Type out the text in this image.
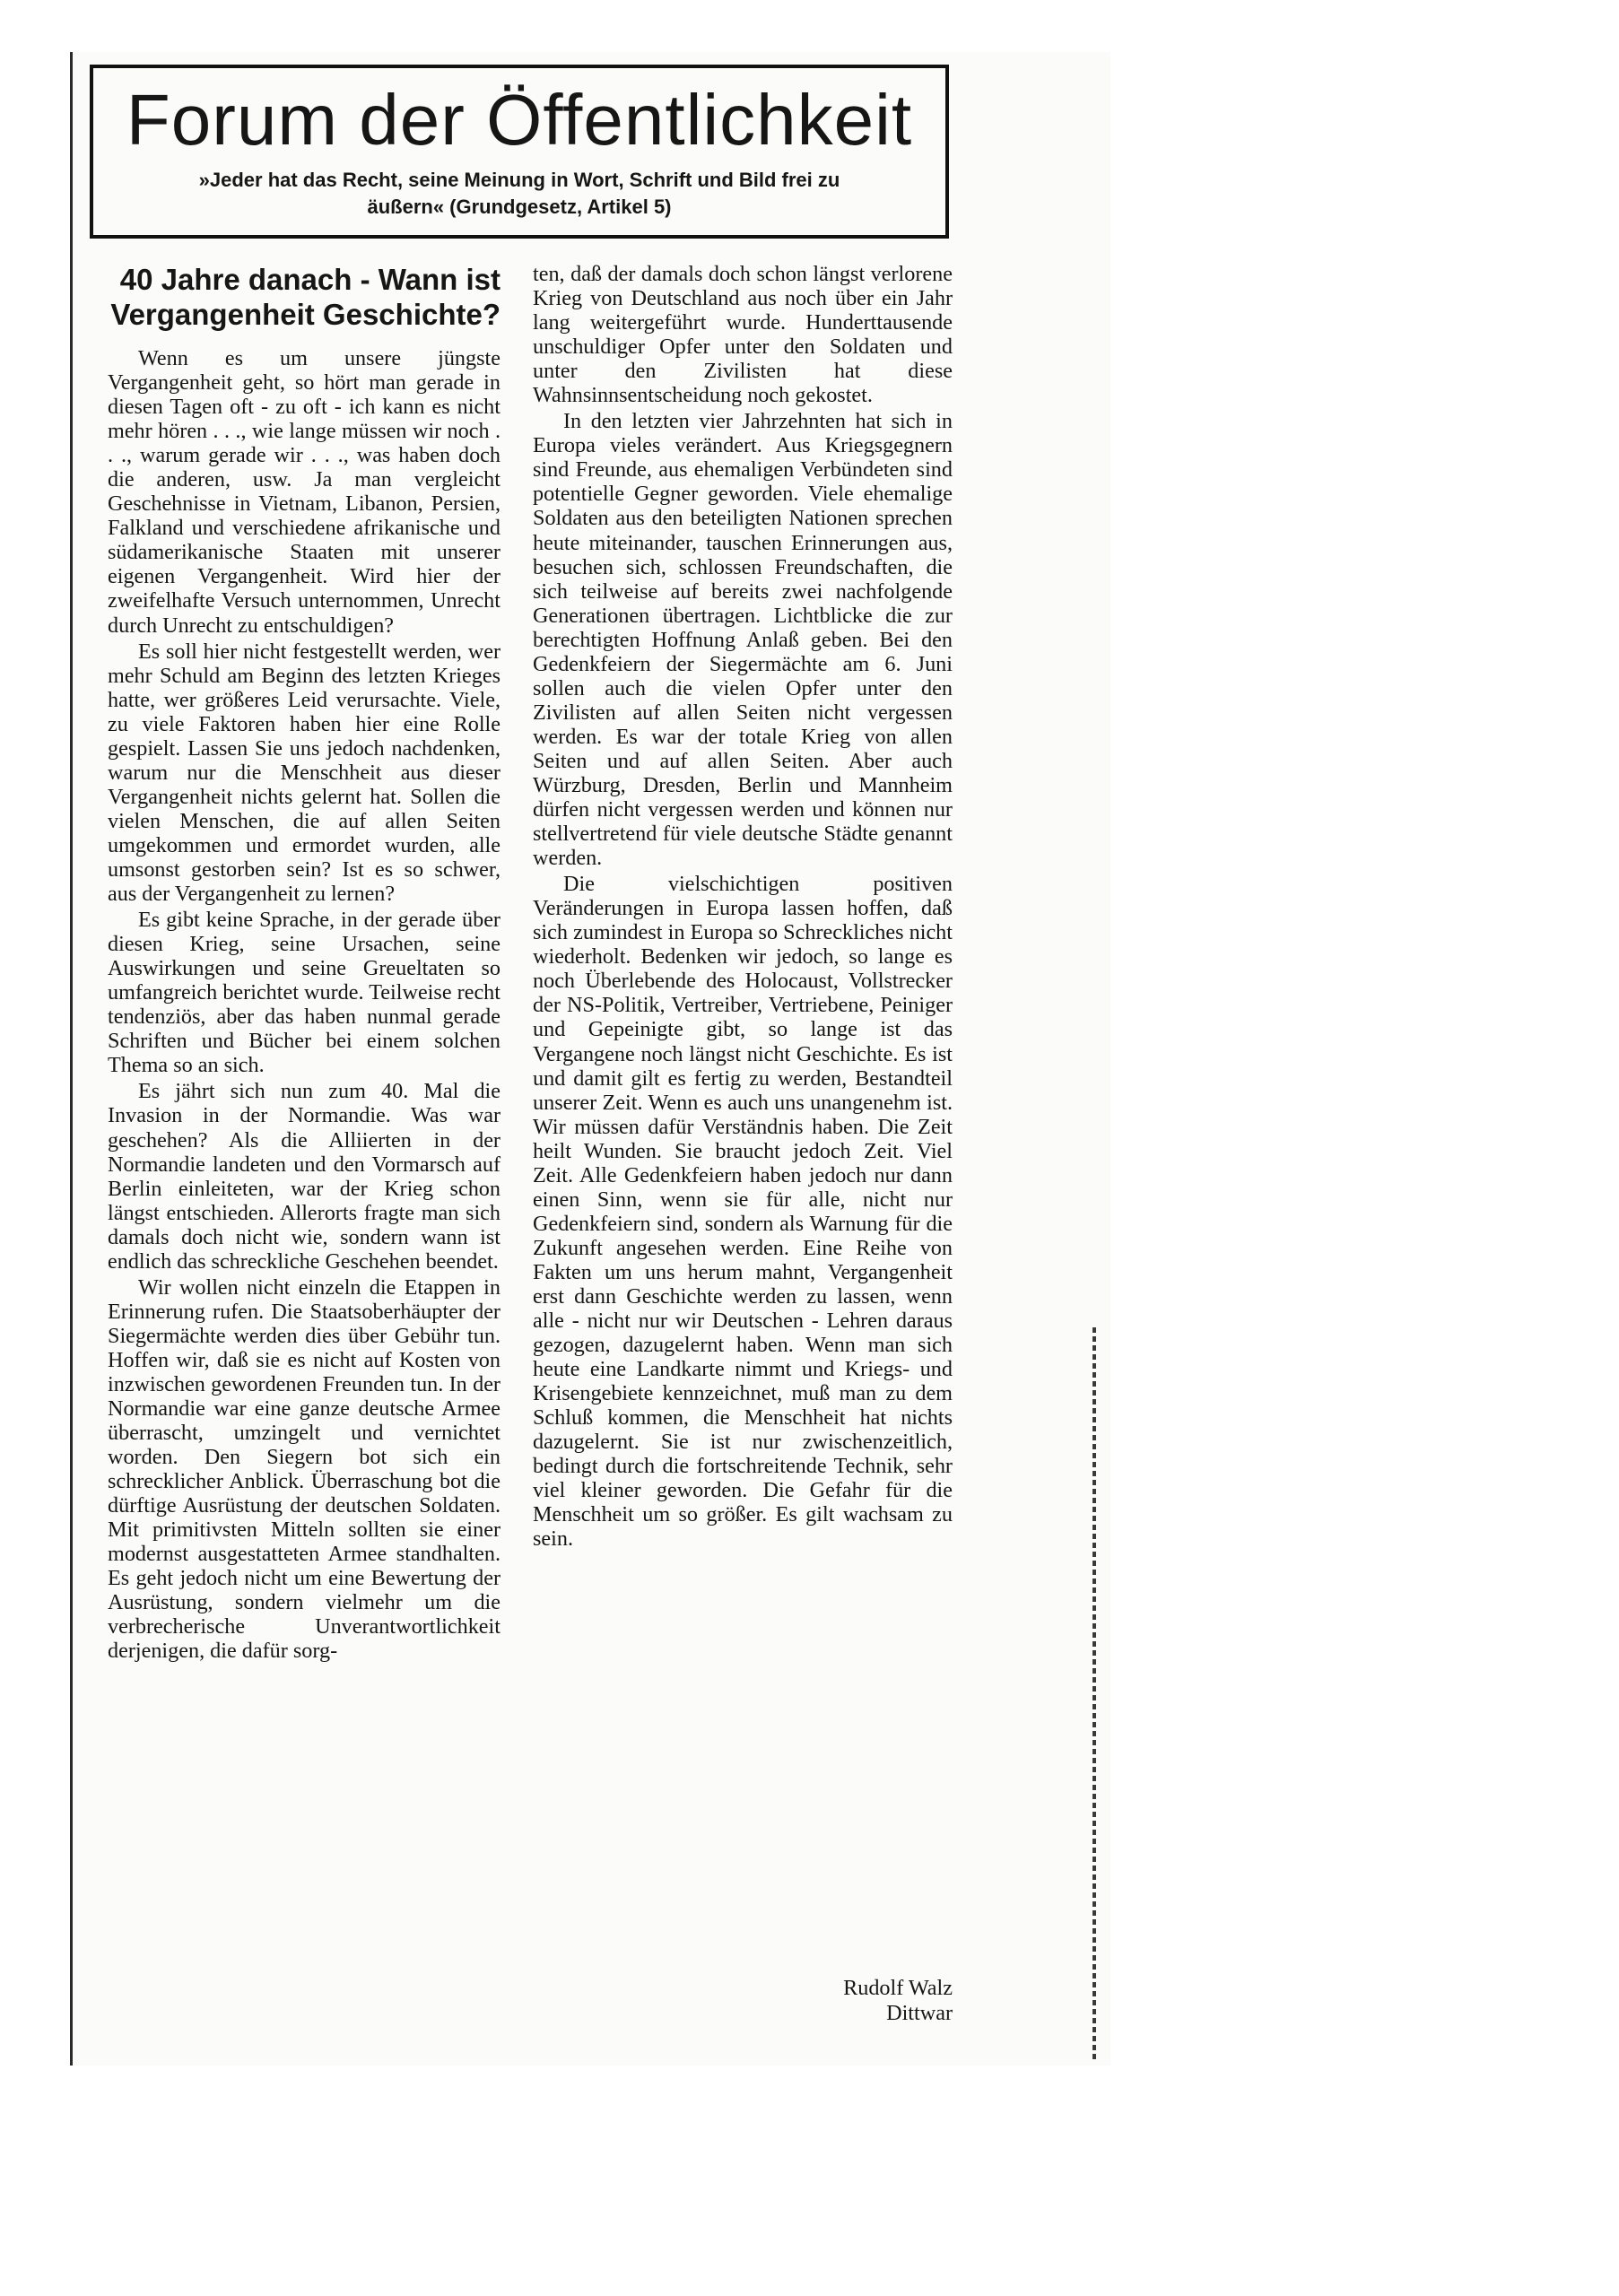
Forum der Öffentlichkeit
»Jeder hat das Recht, seine Meinung in Wort, Schrift und Bild frei zu äußern« (Grundgesetz, Artikel 5)
40 Jahre danach - Wann ist Vergangenheit Geschichte?

Wenn es um unsere jüngste Vergangenheit geht, so hört man gerade in diesen Tagen oft - zu oft - ich kann es nicht mehr hören . . ., wie lange müssen wir noch . . ., warum gerade wir . . ., was haben doch die anderen, usw. Ja man vergleicht Geschehnisse in Vietnam, Libanon, Persien, Falkland und verschiedene afrikanische und südamerikanische Staaten mit unserer eigenen Vergangenheit. Wird hier der zweifelhafte Versuch unternommen, Unrecht durch Unrecht zu entschuldigen?

Es soll hier nicht festgestellt werden, wer mehr Schuld am Beginn des letzten Krieges hatte, wer größeres Leid verursachte. Viele, zu viele Faktoren haben hier eine Rolle gespielt. Lassen Sie uns jedoch nachdenken, warum nur die Menschheit aus dieser Vergangenheit nichts gelernt hat. Sollen die vielen Menschen, die auf allen Seiten umgekommen und ermordet wurden, alle umsonst gestorben sein? Ist es so schwer, aus der Vergangenheit zu lernen?

Es gibt keine Sprache, in der gerade über diesen Krieg, seine Ursachen, seine Auswirkungen und seine Greueltaten so umfangreich berichtet wurde. Teilweise recht tendenziös, aber das haben nunmal gerade Schriften und Bücher bei einem solchen Thema so an sich.

Es jährt sich nun zum 40. Mal die Invasion in der Normandie. Was war geschehen? Als die Alliierten in der Normandie landeten und den Vormarsch auf Berlin einleiteten, war der Krieg schon längst entschieden. Allerorts fragte man sich damals doch nicht wie, sondern wann ist endlich das schreckliche Geschehen beendet.

Wir wollen nicht einzeln die Etappen in Erinnerung rufen. Die Staatsoberhäupter der Siegermächte werden dies über Gebühr tun. Hoffen wir, daß sie es nicht auf Kosten von inzwischen gewordenen Freunden tun. In der Normandie war eine ganze deutsche Armee überrascht, umzingelt und vernichtet worden. Den Siegern bot sich ein schrecklicher Anblick. Überraschung bot die dürftige Ausrüstung der deutschen Soldaten. Mit primitivsten Mitteln sollten sie einer modernst ausgestatteten Armee standhalten. Es geht jedoch nicht um eine Bewertung der Ausrüstung, sondern vielmehr um die verbrecherische Unverantwortlichkeit derjenigen, die dafür sorg-

ten, daß der damals doch schon längst verlorene Krieg von Deutschland aus noch über ein Jahr lang weitergeführt wurde. Hunderttausende unschuldiger Opfer unter den Soldaten und unter den Zivilisten hat diese Wahnsinnsentscheidung noch gekostet.

In den letzten vier Jahrzehnten hat sich in Europa vieles verändert. Aus Kriegsgegnern sind Freunde, aus ehemaligen Verbündeten sind potentielle Gegner geworden. Viele ehemalige Soldaten aus den beteiligten Nationen sprechen heute miteinander, tauschen Erinnerungen aus, besuchen sich, schlossen Freundschaften, die sich teilweise auf bereits zwei nachfolgende Generationen übertragen. Lichtblicke die zur berechtigten Hoffnung Anlaß geben. Bei den Gedenkfeiern der Siegermächte am 6. Juni sollen auch die vielen Opfer unter den Zivilisten auf allen Seiten nicht vergessen werden. Es war der totale Krieg von allen Seiten und auf allen Seiten. Aber auch Würzburg, Dresden, Berlin und Mannheim dürfen nicht vergessen werden und können nur stellvertretend für viele deutsche Städte genannt werden.

Die vielschichtigen positiven Veränderungen in Europa lassen hoffen, daß sich zumindest in Europa so Schreckliches nicht wiederholt. Bedenken wir jedoch, so lange es noch Überlebende des Holocaust, Vollstrecker der NS-Politik, Vertreiber, Vertriebene, Peiniger und Gepeinigte gibt, so lange ist das Vergangene noch längst nicht Geschichte. Es ist und damit gilt es fertig zu werden, Bestandteil unserer Zeit. Wenn es auch uns unangenehm ist. Wir müssen dafür Verständnis haben. Die Zeit heilt Wunden. Sie braucht jedoch Zeit. Viel Zeit. Alle Gedenkfeiern haben jedoch nur dann einen Sinn, wenn sie für alle, nicht nur Gedenkfeiern sind, sondern als Warnung für die Zukunft angesehen werden. Eine Reihe von Fakten um uns herum mahnt, Vergangenheit erst dann Geschichte werden zu lassen, wenn alle - nicht nur wir Deutschen - Lehren daraus gezogen, dazugelernt haben. Wenn man sich heute eine Landkarte nimmt und Kriegs- und Krisengebiete kennzeichnet, muß man zu dem Schluß kommen, die Menschheit hat nichts dazugelernt. Sie ist nur zwischenzeitlich, bedingt durch die fortschreitende Technik, sehr viel kleiner geworden. Die Gefahr für die Menschheit um so größer. Es gilt wachsam zu sein.

Rudolf Walz
Dittwar
